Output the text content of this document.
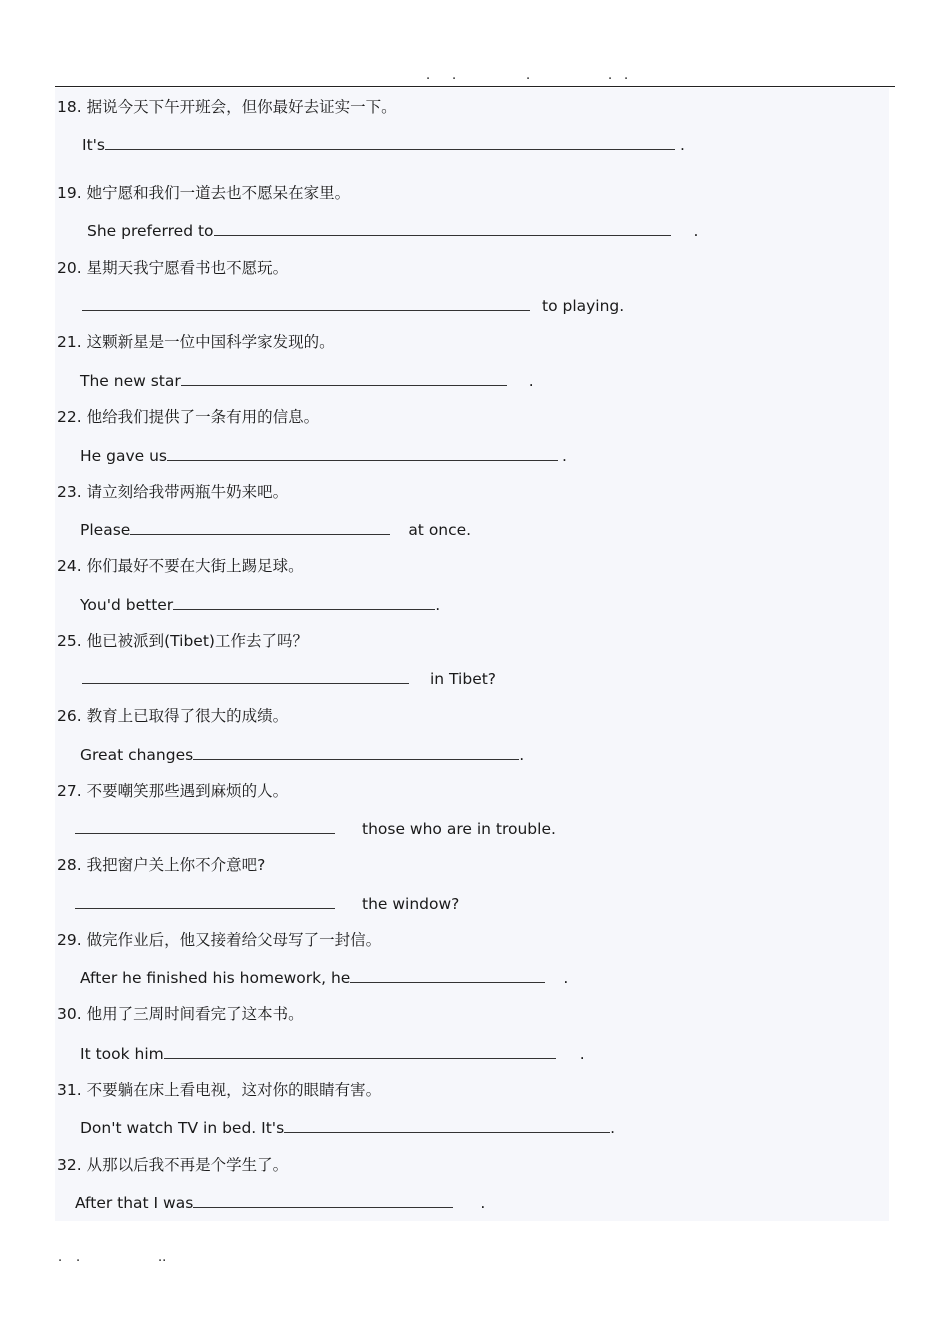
. .	.	. .
18. 据说今天下午开班会，但你最好去证实一下。
It's	.
19. 她宁愿和我们一道去也不愿呆在家里。
She preferred to	.
20. 星期天我宁愿看书也不愿玩。
to playing.
21. 这颗新星是一位中国科学家发现的。
The new star	.
22. 他给我们提供了一条有用的信息。
He gave us	.
23. 请立刻给我带两瓶牛奶来吧。
Please	at once.
24. 你们最好不要在大街上踢足球。
You'd better	.
25. 他已被派到(Tibet)工作去了吗？
in Tibet?
26. 教育上已取得了很大的成绩。
Great changes	.
27. 不要嘲笑那些遇到麻烦的人。
those who are in trouble.
28. 我把窗户关上你不介意吧?
the window?
29. 做完作业后，他又接着给父母写了一封信。
After he finished his homework, he	.
30. 他用了三周时间看完了这本书。
It took him	.
31. 不要躺在床上看电视，这对你的眼睛有害。
Don't watch TV in bed. It's	.
32. 从那以后我不再是个学生了。
After that I was	.
. .	..
